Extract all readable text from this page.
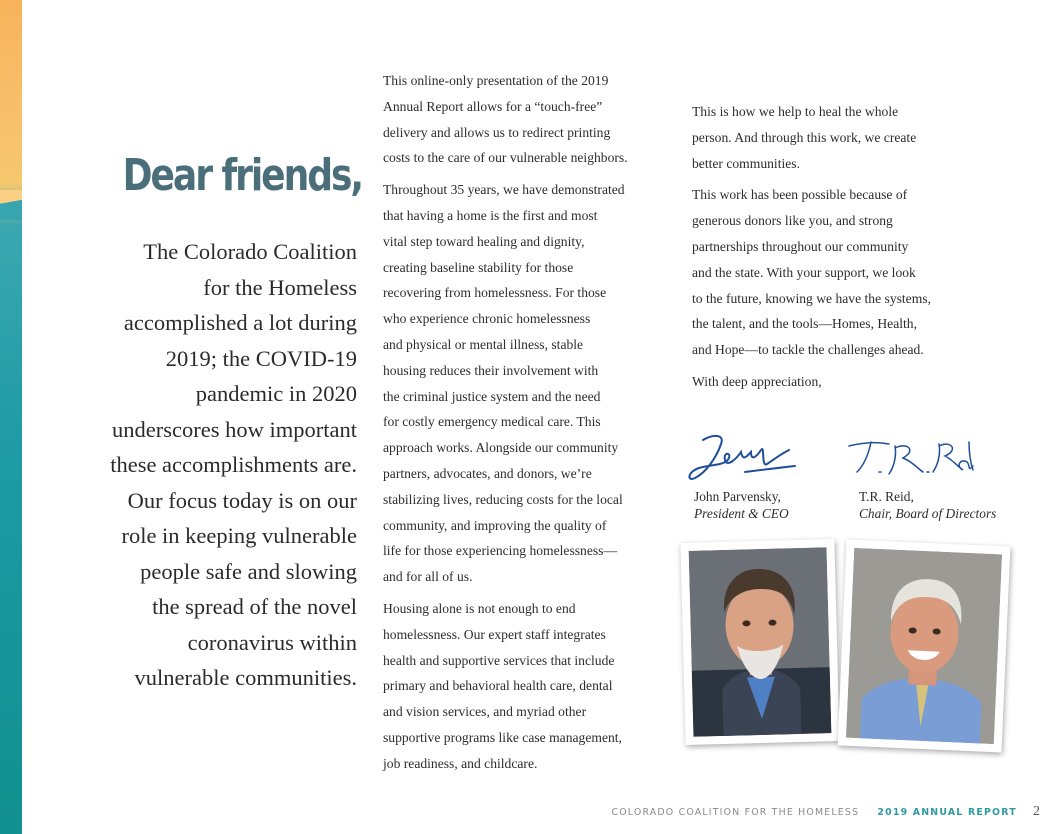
Dear friends,
The Colorado Coalition
for the Homeless
accomplished a lot during
2019; the COVID-19
pandemic in 2020
underscores how important
these accomplishments are.
Our focus today is on our
role in keeping vulnerable
people safe and slowing
the spread of the novel
coronavirus within
vulnerable communities.

This online-only presentation of the 2019
Annual Report allows for a “touch-free”
delivery and allows us to redirect printing
costs to the care of our vulnerable neighbors.

Throughout 35 years, we have demonstrated
that having a home is the first and most
vital step toward healing and dignity,
creating baseline stability for those
recovering from homelessness. For those
who experience chronic homelessness
and physical or mental illness, stable
housing reduces their involvement with
the criminal justice system and the need
for costly emergency medical care. This
approach works. Alongside our community
partners, advocates, and donors, we’re
stabilizing lives, reducing costs for the local
community, and improving the quality of
life for those experiencing homelessness—
and for all of us.

Housing alone is not enough to end
homelessness. Our expert staff integrates
health and supportive services that include
primary and behavioral health care, dental
and vision services, and myriad other
supportive programs like case management,
job readiness, and childcare.

This is how we help to heal the whole
person. And through this work, we create
better communities.

This work has been possible because of
generous donors like you, and strong
partnerships throughout our community
and the state. With your support, we look
to the future, knowing we have the systems,
the talent, and the tools—Homes, Health,
and Hope—to tackle the challenges ahead.

With deep appreciation,

John Parvensky,
President & CEO
T.R. Reid,
Chair, Board of Directors
COLORADO COALITION FOR THE HOMELESS 2019 ANNUAL REPORT 2
